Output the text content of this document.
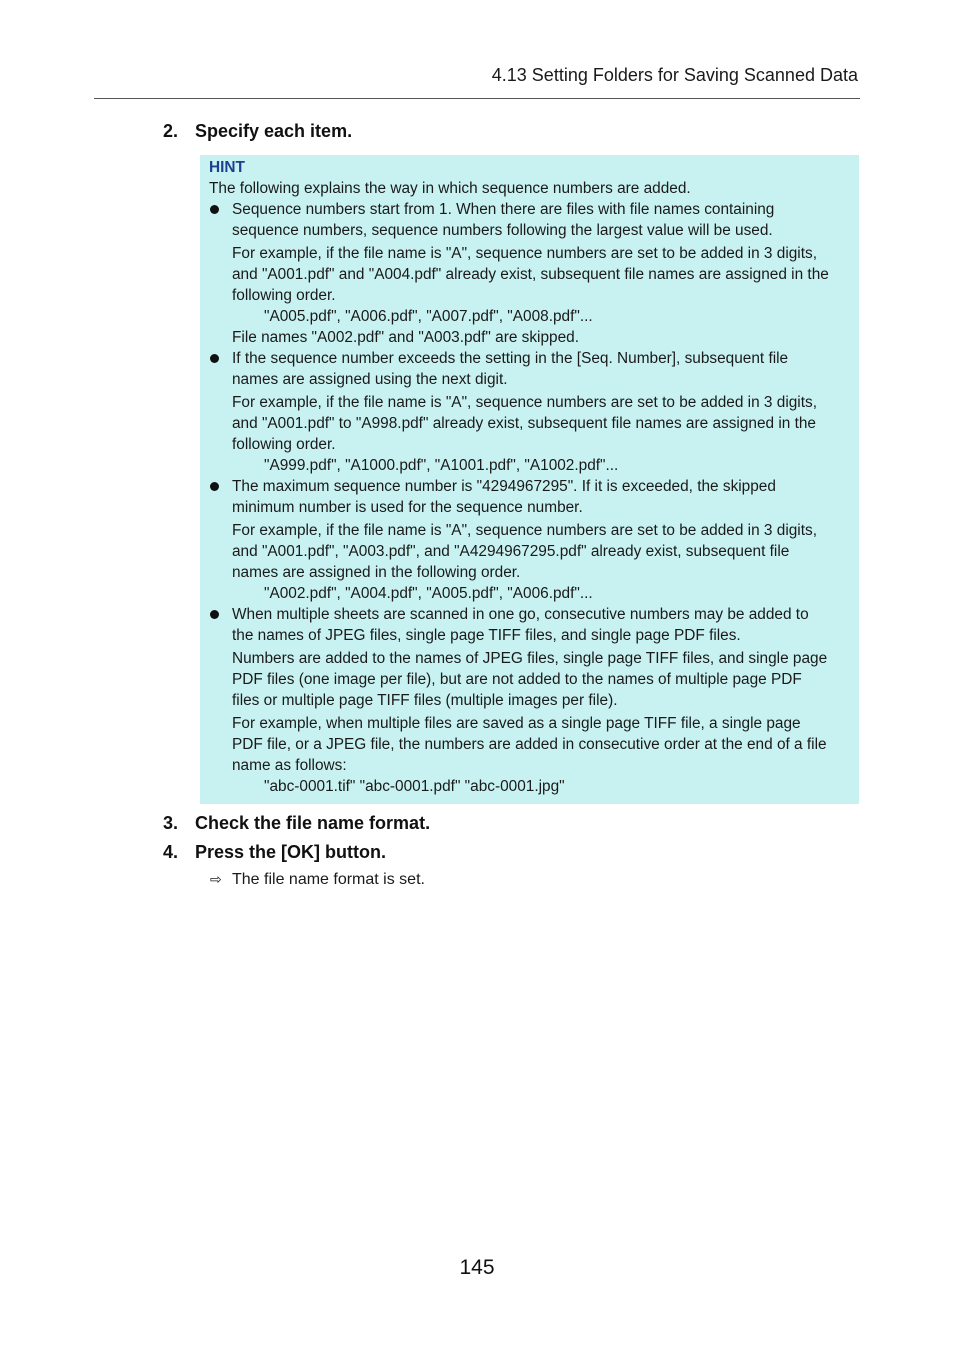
4.13 Setting Folders for Saving Scanned Data
2. Specify each item.
HINT
The following explains the way in which sequence numbers are added.
Sequence numbers start from 1. When there are files with file names containing
sequence numbers, sequence numbers following the largest value will be used.
For example, if the file name is "A", sequence numbers are set to be added in 3 digits,
and "A001.pdf" and "A004.pdf" already exist, subsequent file names are assigned in the
following order.
"A005.pdf", "A006.pdf", "A007.pdf", "A008.pdf"...
File names "A002.pdf" and "A003.pdf" are skipped.
If the sequence number exceeds the setting in the [Seq. Number], subsequent file
names are assigned using the next digit.
For example, if the file name is "A", sequence numbers are set to be added in 3 digits,
and "A001.pdf" to "A998.pdf" already exist, subsequent file names are assigned in the
following order.
"A999.pdf", "A1000.pdf", "A1001.pdf", "A1002.pdf"...
The maximum sequence number is "4294967295". If it is exceeded, the skipped
minimum number is used for the sequence number.
For example, if the file name is "A", sequence numbers are set to be added in 3 digits,
and "A001.pdf", "A003.pdf", and "A4294967295.pdf" already exist, subsequent file
names are assigned in the following order.
"A002.pdf", "A004.pdf", "A005.pdf", "A006.pdf"...
When multiple sheets are scanned in one go, consecutive numbers may be added to
the names of JPEG files, single page TIFF files, and single page PDF files.
Numbers are added to the names of JPEG files, single page TIFF files, and single page
PDF files (one image per file), but are not added to the names of multiple page PDF
files or multiple page TIFF files (multiple images per file).
For example, when multiple files are saved as a single page TIFF file, a single page
PDF file, or a JPEG file, the numbers are added in consecutive order at the end of a file
name as follows:
"abc-0001.tif" "abc-0001.pdf" "abc-0001.jpg"
3. Check the file name format.
4. Press the [OK] button.
⇨ The file name format is set.
145
